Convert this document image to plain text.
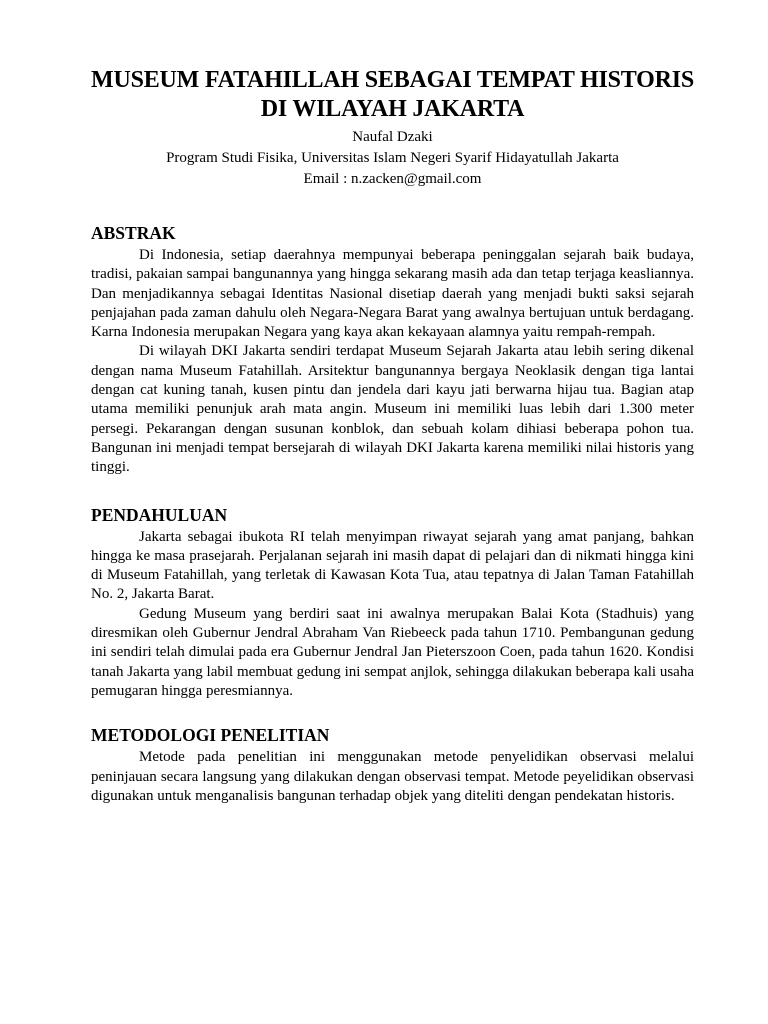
MUSEUM FATAHILLAH SEBAGAI TEMPAT HISTORIS
DI WILAYAH JAKARTA
Naufal Dzaki
Program Studi Fisika, Universitas Islam Negeri Syarif Hidayatullah Jakarta
Email : n.zacken@gmail.com
ABSTRAK

Di Indonesia, setiap daerahnya mempunyai beberapa peninggalan sejarah baik budaya, tradisi, pakaian sampai bangunannya yang hingga sekarang masih ada dan tetap terjaga keasliannya. Dan menjadikannya sebagai Identitas Nasional disetiap daerah yang menjadi bukti saksi sejarah penjajahan pada zaman dahulu oleh Negara-Negara Barat yang awalnya bertujuan untuk berdagang. Karna Indonesia merupakan Negara yang kaya akan kekayaan alamnya yaitu rempah-rempah.

Di wilayah DKI Jakarta sendiri terdapat Museum Sejarah Jakarta atau lebih sering dikenal dengan nama Museum Fatahillah. Arsitektur bangunannya bergaya Neoklasik dengan tiga lantai dengan cat kuning tanah, kusen pintu dan jendela dari kayu jati berwarna hijau tua. Bagian atap utama memiliki penunjuk arah mata angin. Museum ini memiliki luas lebih dari 1.300 meter persegi. Pekarangan dengan susunan konblok, dan sebuah kolam dihiasi beberapa pohon tua. Bangunan ini menjadi tempat bersejarah di wilayah DKI Jakarta karena memiliki nilai historis yang tinggi.

PENDAHULUAN

Jakarta sebagai ibukota RI telah menyimpan riwayat sejarah yang amat panjang, bahkan hingga ke masa prasejarah. Perjalanan sejarah ini masih dapat di pelajari dan di nikmati hingga kini di Museum Fatahillah, yang terletak di Kawasan Kota Tua, atau tepatnya di Jalan Taman Fatahillah No. 2, Jakarta Barat.

Gedung Museum yang berdiri saat ini awalnya merupakan Balai Kota (Stadhuis) yang diresmikan oleh Gubernur Jendral Abraham Van Riebeeck pada tahun 1710. Pembangunan gedung ini sendiri telah dimulai pada era Gubernur Jendral Jan Pieterszoon Coen, pada tahun 1620. Kondisi tanah Jakarta yang labil membuat gedung ini sempat anjlok, sehingga dilakukan beberapa kali usaha pemugaran hingga peresmiannya.

METODOLOGI PENELITIAN

Metode pada penelitian ini menggunakan metode penyelidikan observasi melalui peninjauan secara langsung yang dilakukan dengan observasi tempat. Metode peyelidikan observasi digunakan untuk menganalisis bangunan terhadap objek yang diteliti dengan pendekatan historis.
